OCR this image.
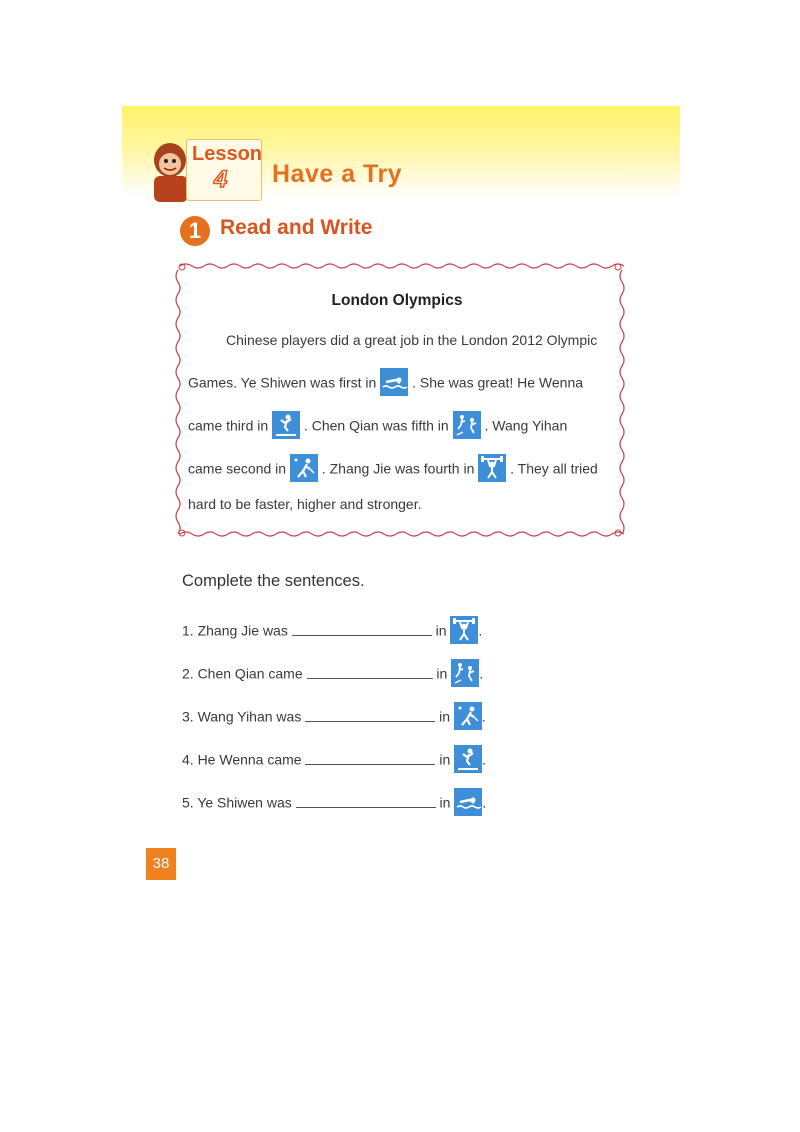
Lesson
4 Have a Try
1 Read and Write
London Olympics
Chinese players did a great job in the London 2012 Olympic
Games. Ye Shiwen was first in	. She was great! He Wenna
came third in	. Chen Qian was fifth in	. Wang Yihan
came second in	. Zhang Jie was fourth in	. They all tried
hard to be faster, higher and stronger.
Complete the sentences.
1. Zhang Jie was	in .
2. Chen Qian came	in .
3. Wang Yihan was	in .
4. He Wenna came	in .
5. Ye Shiwen was	in .
38
